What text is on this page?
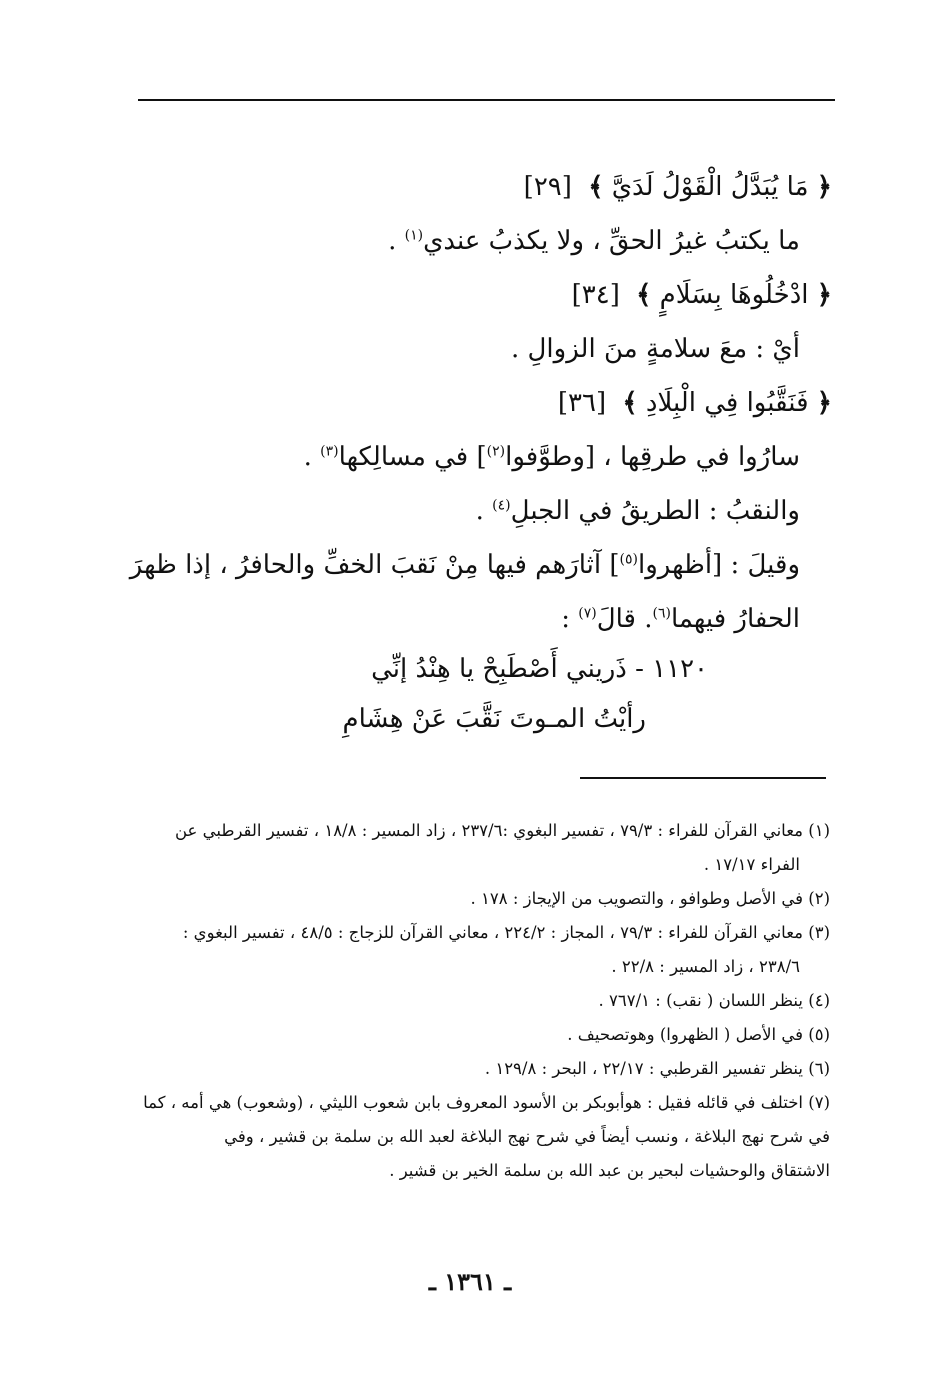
﴿ مَا يُبَدَّلُ الْقَوْلُ لَدَيَّ ﴾ [٢٩]
ما يكتبُ غيرُ الحقِّ ، ولا يكذبُ عندي$^{(١)}$ .
﴿ ادْخُلُوهَا بِسَلَامٍ ﴾ [٣٤]
أيْ : معَ سلامةٍ منَ الزوالِ .
﴿ فَنَقَّبُوا فِي الْبِلَادِ ﴾ [٣٦]
سارُوا في طرقِها ، [وطوَّفوا$^{(٢)}$] في مسالِكها$^{(٣)}$ .
والنقبُ : الطريقُ في الجبلِ$^{(٤)}$ .
وقيلَ : [أظهروا$^{(٥)}$] آثارَهم فيها مِنْ نَقبَ الخفِّ والحافرُ ، إذا ظهرَ الحفارُ فيهما$^{(٦)}$. قالَ$^{(٧)}$ :
١١٢٠ - ذَريني أَصْطَبِحْ يا هِنْدُ إنِّي
رأيْتُ المـوتَ نَقَّبَ عَنْ هِشَامِ
(١) معاني القرآن للفراء : ٧٩/٣ ، تفسير البغوي :٢٣٧/٦ ، زاد المسير : ١٨/٨ ، تفسير القرطبي عن
الفراء ١٧/١٧ .
(٢) في الأصل وطوافو ، والتصويب من الإيجاز : ١٧٨ .
(٣) معاني القرآن للفراء : ٧٩/٣ ، المجاز : ٢٢٤/٢ ، معاني القرآن للزجاج : ٤٨/٥ ، تفسير البغوي :
٢٣٨/٦ ، زاد المسير : ٢٢/٨ .
(٤) ينظر اللسان ( نقب) : ٧٦٧/١ .
(٥) في الأصل ( الظهروا) وهوتصحيف .
(٦) ينظر تفسير القرطبي : ٢٢/١٧ ، البحر : ١٢٩/٨ .
(٧) اختلف في قائله فقيل : هوأبوبكر بن الأسود المعروف بابن شعوب الليثي ، (وشعوب) هي أمه ، كما
في شرح نهج البلاغة ، ونسب أيضاً في شرح نهج البلاغة لعبد الله بن سلمة بن قشير ، وفي
الاشتقاق والوحشيات لبحير بن عبد الله بن سلمة الخير بن قشير .
ـ ١٣٦١ ـ
